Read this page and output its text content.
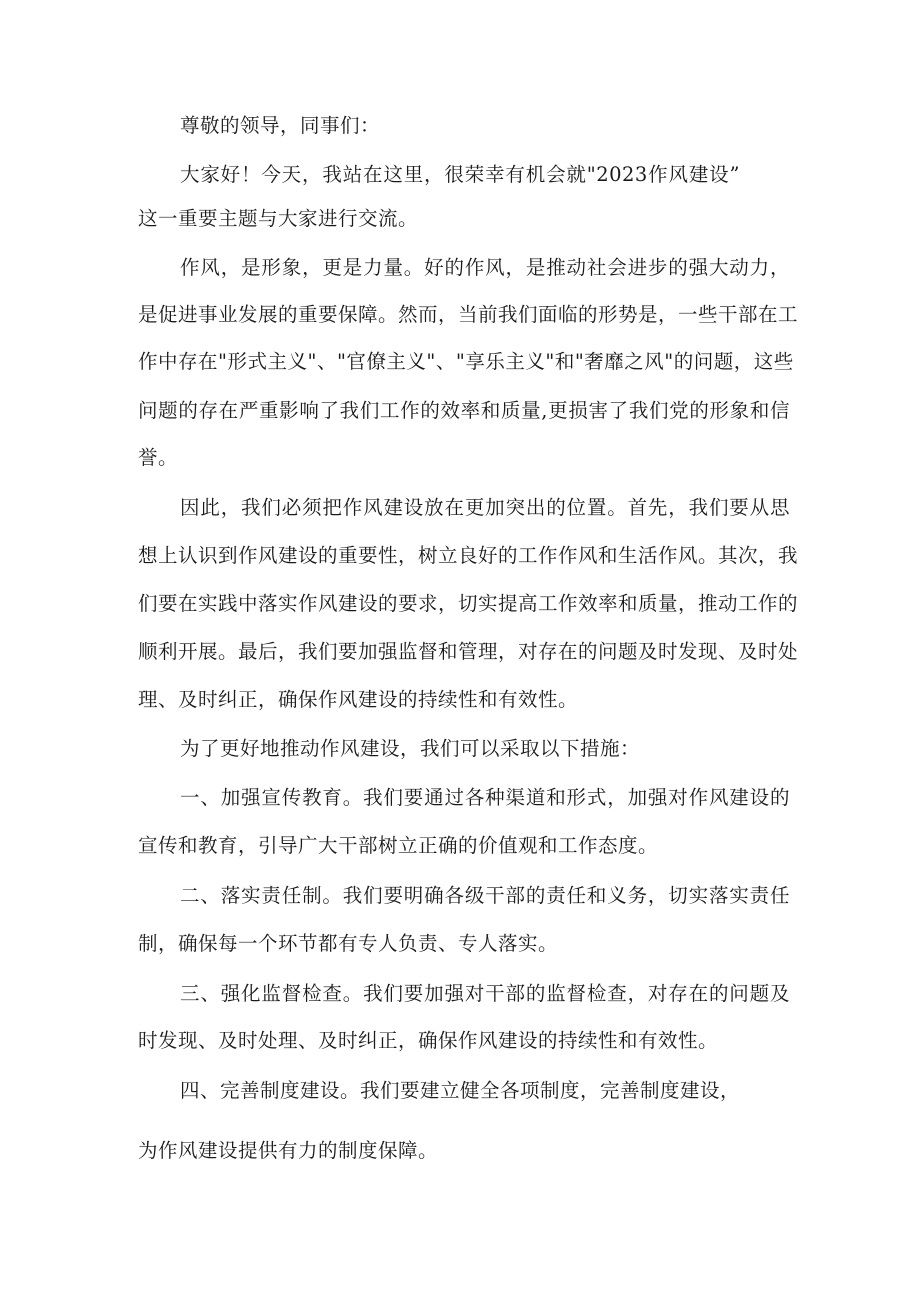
尊敬的领导，同事们：
大家好！今天，我站在这里，很荣幸有机会就"2023作风建设”
这一重要主题与大家进行交流。
作风，是形象，更是力量。好的作风，是推动社会进步的强大动力，
是促进事业发展的重要保障。然而，当前我们面临的形势是，一些干部在工
作中存在"形式主义"、"官僚主义"、"享乐主义"和"奢靡之风"的问题，这些
问题的存在严重影响了我们工作的效率和质量,更损害了我们党的形象和信
誉。
因此，我们必须把作风建设放在更加突出的位置。首先，我们要从思
想上认识到作风建设的重要性，树立良好的工作作风和生活作风。其次，我
们要在实践中落实作风建设的要求，切实提高工作效率和质量，推动工作的
顺利开展。最后，我们要加强监督和管理，对存在的问题及时发现、及时处
理、及时纠正，确保作风建设的持续性和有效性。
为了更好地推动作风建设，我们可以采取以下措施：
一、加强宣传教育。我们要通过各种渠道和形式，加强对作风建设的
宣传和教育，引导广大干部树立正确的价值观和工作态度。
二、落实责任制。我们要明确各级干部的责任和义务，切实落实责任
制，确保每一个环节都有专人负责、专人落实。
三、强化监督检查。我们要加强对干部的监督检查，对存在的问题及
时发现、及时处理、及时纠正，确保作风建设的持续性和有效性。
四、完善制度建设。我们要建立健全各项制度，完善制度建设，
为作风建设提供有力的制度保障。
